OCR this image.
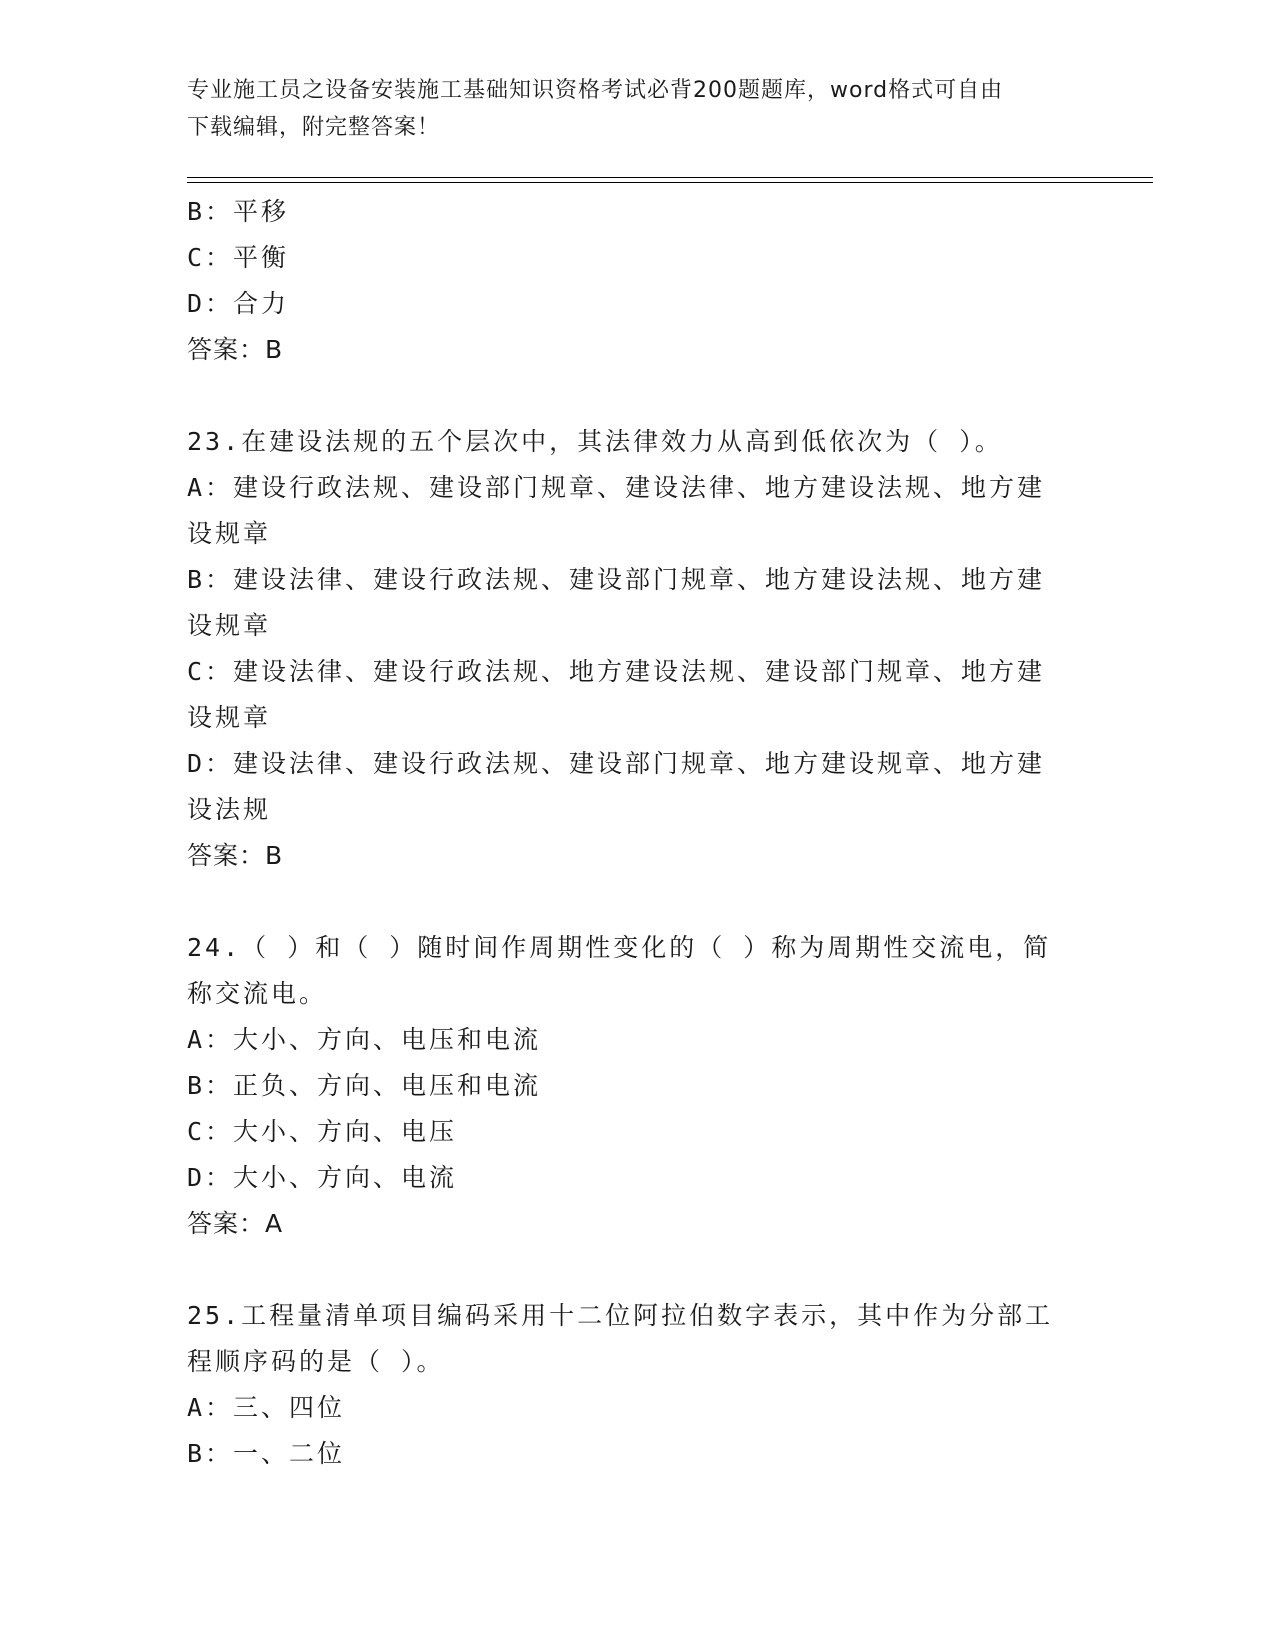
专业施工员之设备安装施工基础知识资格考试必背200题题库，word格式可自由
下载编辑，附完整答案！
B：平移
C：平衡
D：合力
答案：B
23.在建设法规的五个层次中，其法律效力从高到低依次为（ ）。
A：建设行政法规、建设部门规章、建设法律、地方建设法规、地方建
设规章
B：建设法律、建设行政法规、建设部门规章、地方建设法规、地方建
设规章
C：建设法律、建设行政法规、地方建设法规、建设部门规章、地方建
设规章
D：建设法律、建设行政法规、建设部门规章、地方建设规章、地方建
设法规
答案：B
24.（ ）和（ ）随时间作周期性变化的（ ）称为周期性交流电，简
称交流电。
A：大小、方向、电压和电流
B：正负、方向、电压和电流
C：大小、方向、电压
D：大小、方向、电流
答案：A
25.工程量清单项目编码采用十二位阿拉伯数字表示，其中作为分部工
程顺序码的是（ ）。
A：三、四位
B：一、二位
